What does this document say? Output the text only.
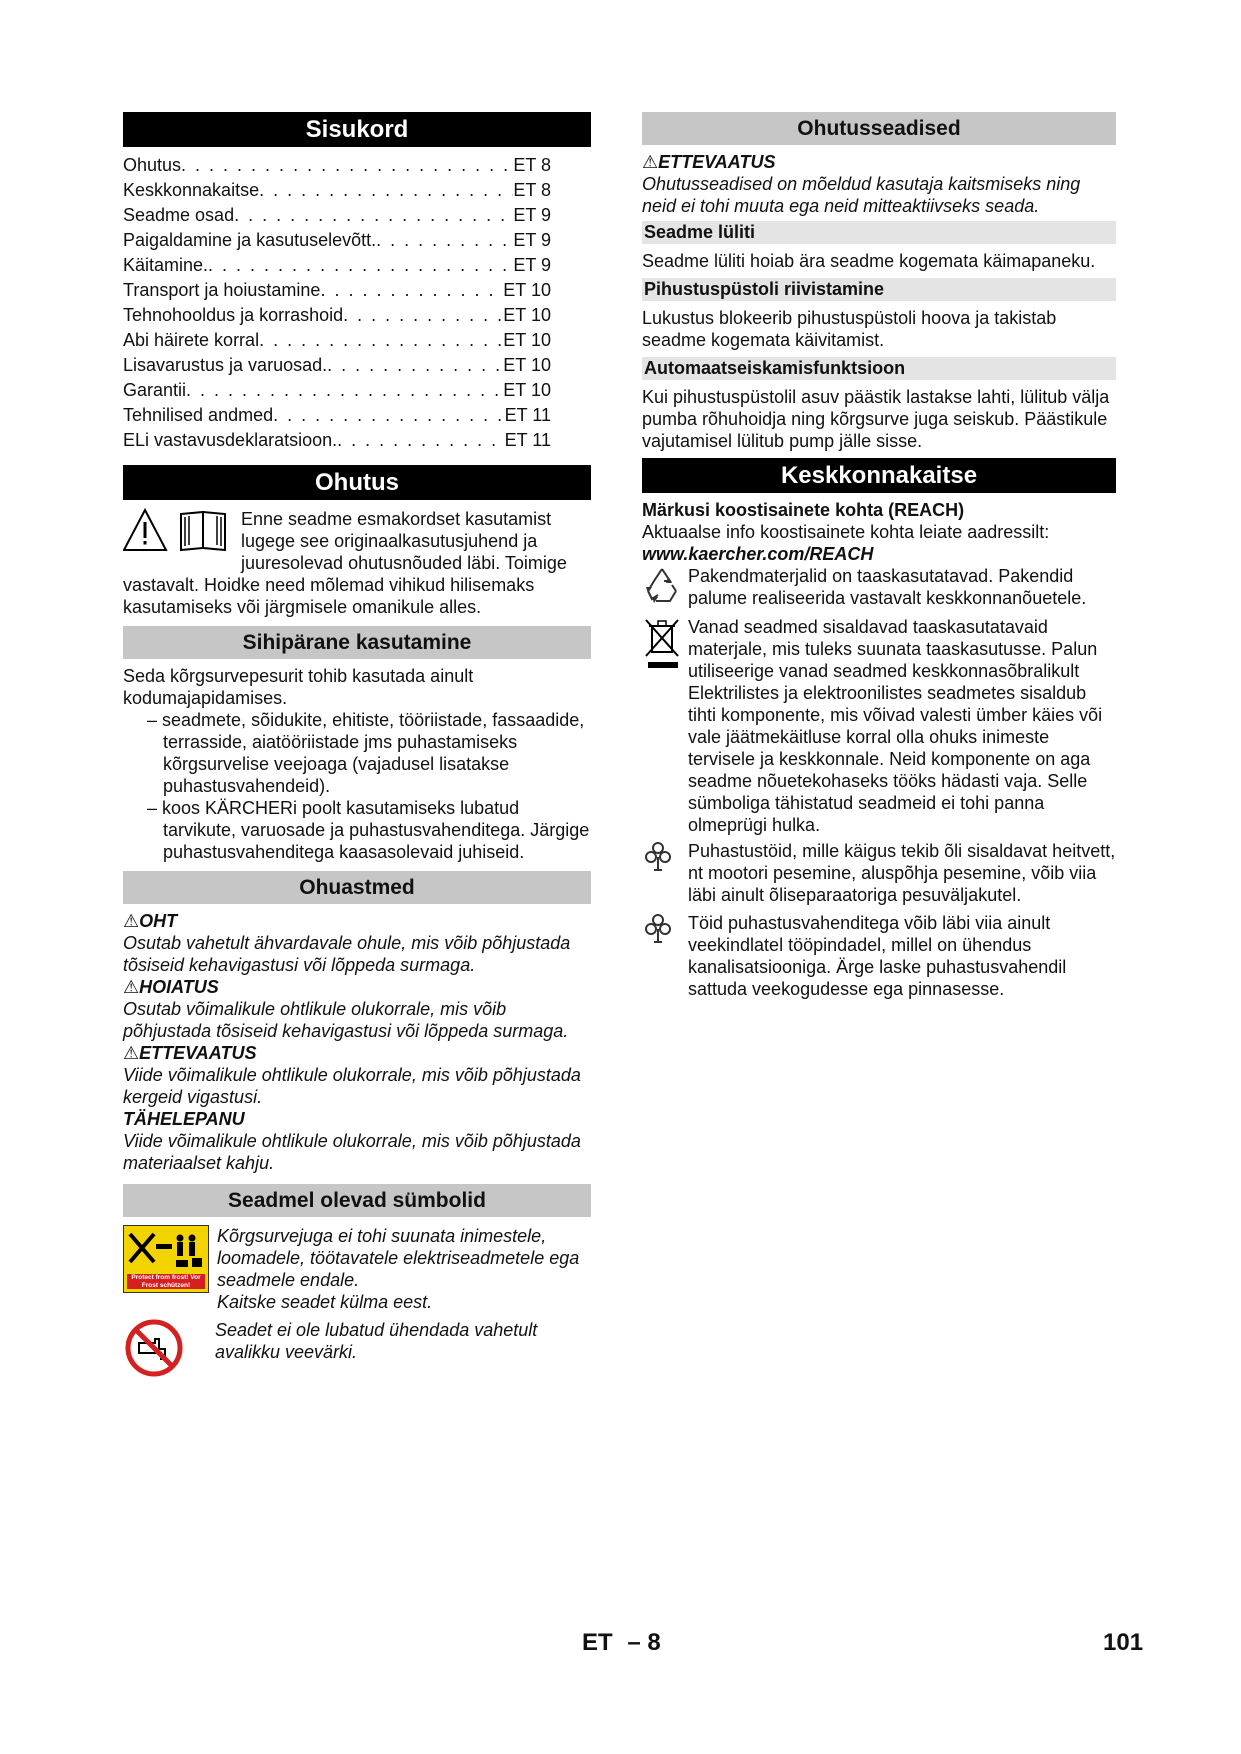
Sisukord
Ohutus . . .	ET 8
Keskkonnakaitse . . .	ET 8
Seadme osad . . .	ET 9
Paigaldamine ja kasutuselevõtt. . . .	ET 9
Käitamine. . . .	ET 9
Transport ja hoiustamine . . .	ET 10
Tehnohooldus ja korrashoid . . .	ET 10
Abi häirete korral . . .	ET 10
Lisavarustus ja varuosad. . . .	ET 10
Garantii . . .	ET 10
Tehnilised andmed . . .	ET 11
ELi vastavusdeklaratsioon. . . .	ET 11
Ohutus

Enne seadme esmakordset kasutamist lugege see originaalkasutusjuhend ja juuresolevad ohutusnõuded läbi. Toimige vastavalt. Hoidke need mõlemad vihikud hilisemaks kasutamiseks või järgmisele omanikule alles.

Sihipärane kasutamine

Seda kõrgsurvepesurit tohib kasutada ainult kodumajapidamises.

– seadmete, sõidukite, ehitiste, tööriistade, fassaadide, terrasside, aiatööriistade jms puhastamiseks kõrgsurvelise veejoaga (vajadusel lisatakse puhastusvahendeid).

– koos KÄRCHERi poolt kasutamiseks lubatud tarvikute, varuosade ja puhastusvahenditega. Järgige puhastusvahenditega kaasasolevaid juhiseid.

Ohuastmed

⚠OHT

Osutab vahetult ähvardavale ohule, mis võib põhjustada tõsiseid kehavigastusi või lõppeda surmaga.

⚠HOIATUS

Osutab võimalikule ohtlikule olukorrale, mis võib põhjustada tõsiseid kehavigastusi või lõppeda surmaga.

⚠ETTEVAATUS

Viide võimalikule ohtlikule olukorrale, mis võib põhjustada kergeid vigastusi.

TÄHELEPANU

Viide võimalikule ohtlikule olukorrale, mis võib põhjustada materiaalset kahju.

Seadmel olevad sümbolid
Protect from frost! Vor Frost schützen!

Kõrgsurvejuga ei tohi suunata inimestele, loomadele, töötavatele elektriseadmetele ega seadmele endale.

Kaitske seadet külma eest.

Seadet ei ole lubatud ühendada vahetult avalikku veevärki.

Ohutusseadised

⚠ETTEVAATUS

Ohutusseadised on mõeldud kasutaja kaitsmiseks ning neid ei tohi muuta ega neid mitteaktiivseks seada.

Seadme lüliti

Seadme lüliti hoiab ära seadme kogemata käimapaneku.

Pihustuspüstoli riivistamine

Lukustus blokeerib pihustuspüstoli hoova ja takistab seadme kogemata käivitamist.

Automaatseiskamisfunktsioon

Kui pihustuspüstolil asuv päästik lastakse lahti, lülitub välja pumba rõhuhoidja ning kõrgsurve juga seiskub. Päästikule vajutamisel lülitub pump jälle sisse.

Keskkonnakaitse

Märkusi koostisainete kohta (REACH)

Aktuaalse info koostisainete kohta leiate aadressilt:

www.kaercher.com/REACH

Pakendmaterjalid on taaskasutatavad. Pakendid palume realiseerida vastavalt keskkonnanõuetele.

Vanad seadmed sisaldavad taaskasutatavaid materjale, mis tuleks suunata taaskasutusse. Palun utiliseerige vanad seadmed keskkonnasõbralikult Elektrilistes ja elektroonilistes seadmetes sisaldub tihti komponente, mis võivad valesti ümber käies või vale jäätmekäitluse korral olla ohuks inimeste tervisele ja keskkonnale. Neid komponente on aga seadme nõuetekohaseks tööks hädasti vaja. Selle sümboliga tähistatud seadmeid ei tohi panna olmeprügi hulka.

Puhastustöid, mille käigus tekib õli sisaldavat heitvett, nt mootori pesemine, aluspõhja pesemine, võib viia läbi ainult õliseparaatoriga pesuväljakutel.

Töid puhastusvahenditega võib läbi viia ainult veekindlatel tööpindadel, millel on ühendus kanalisatsiooniga. Ärge laske puhastusvahendil sattuda veekogudesse ega pinnasesse.

ET – 8	101
